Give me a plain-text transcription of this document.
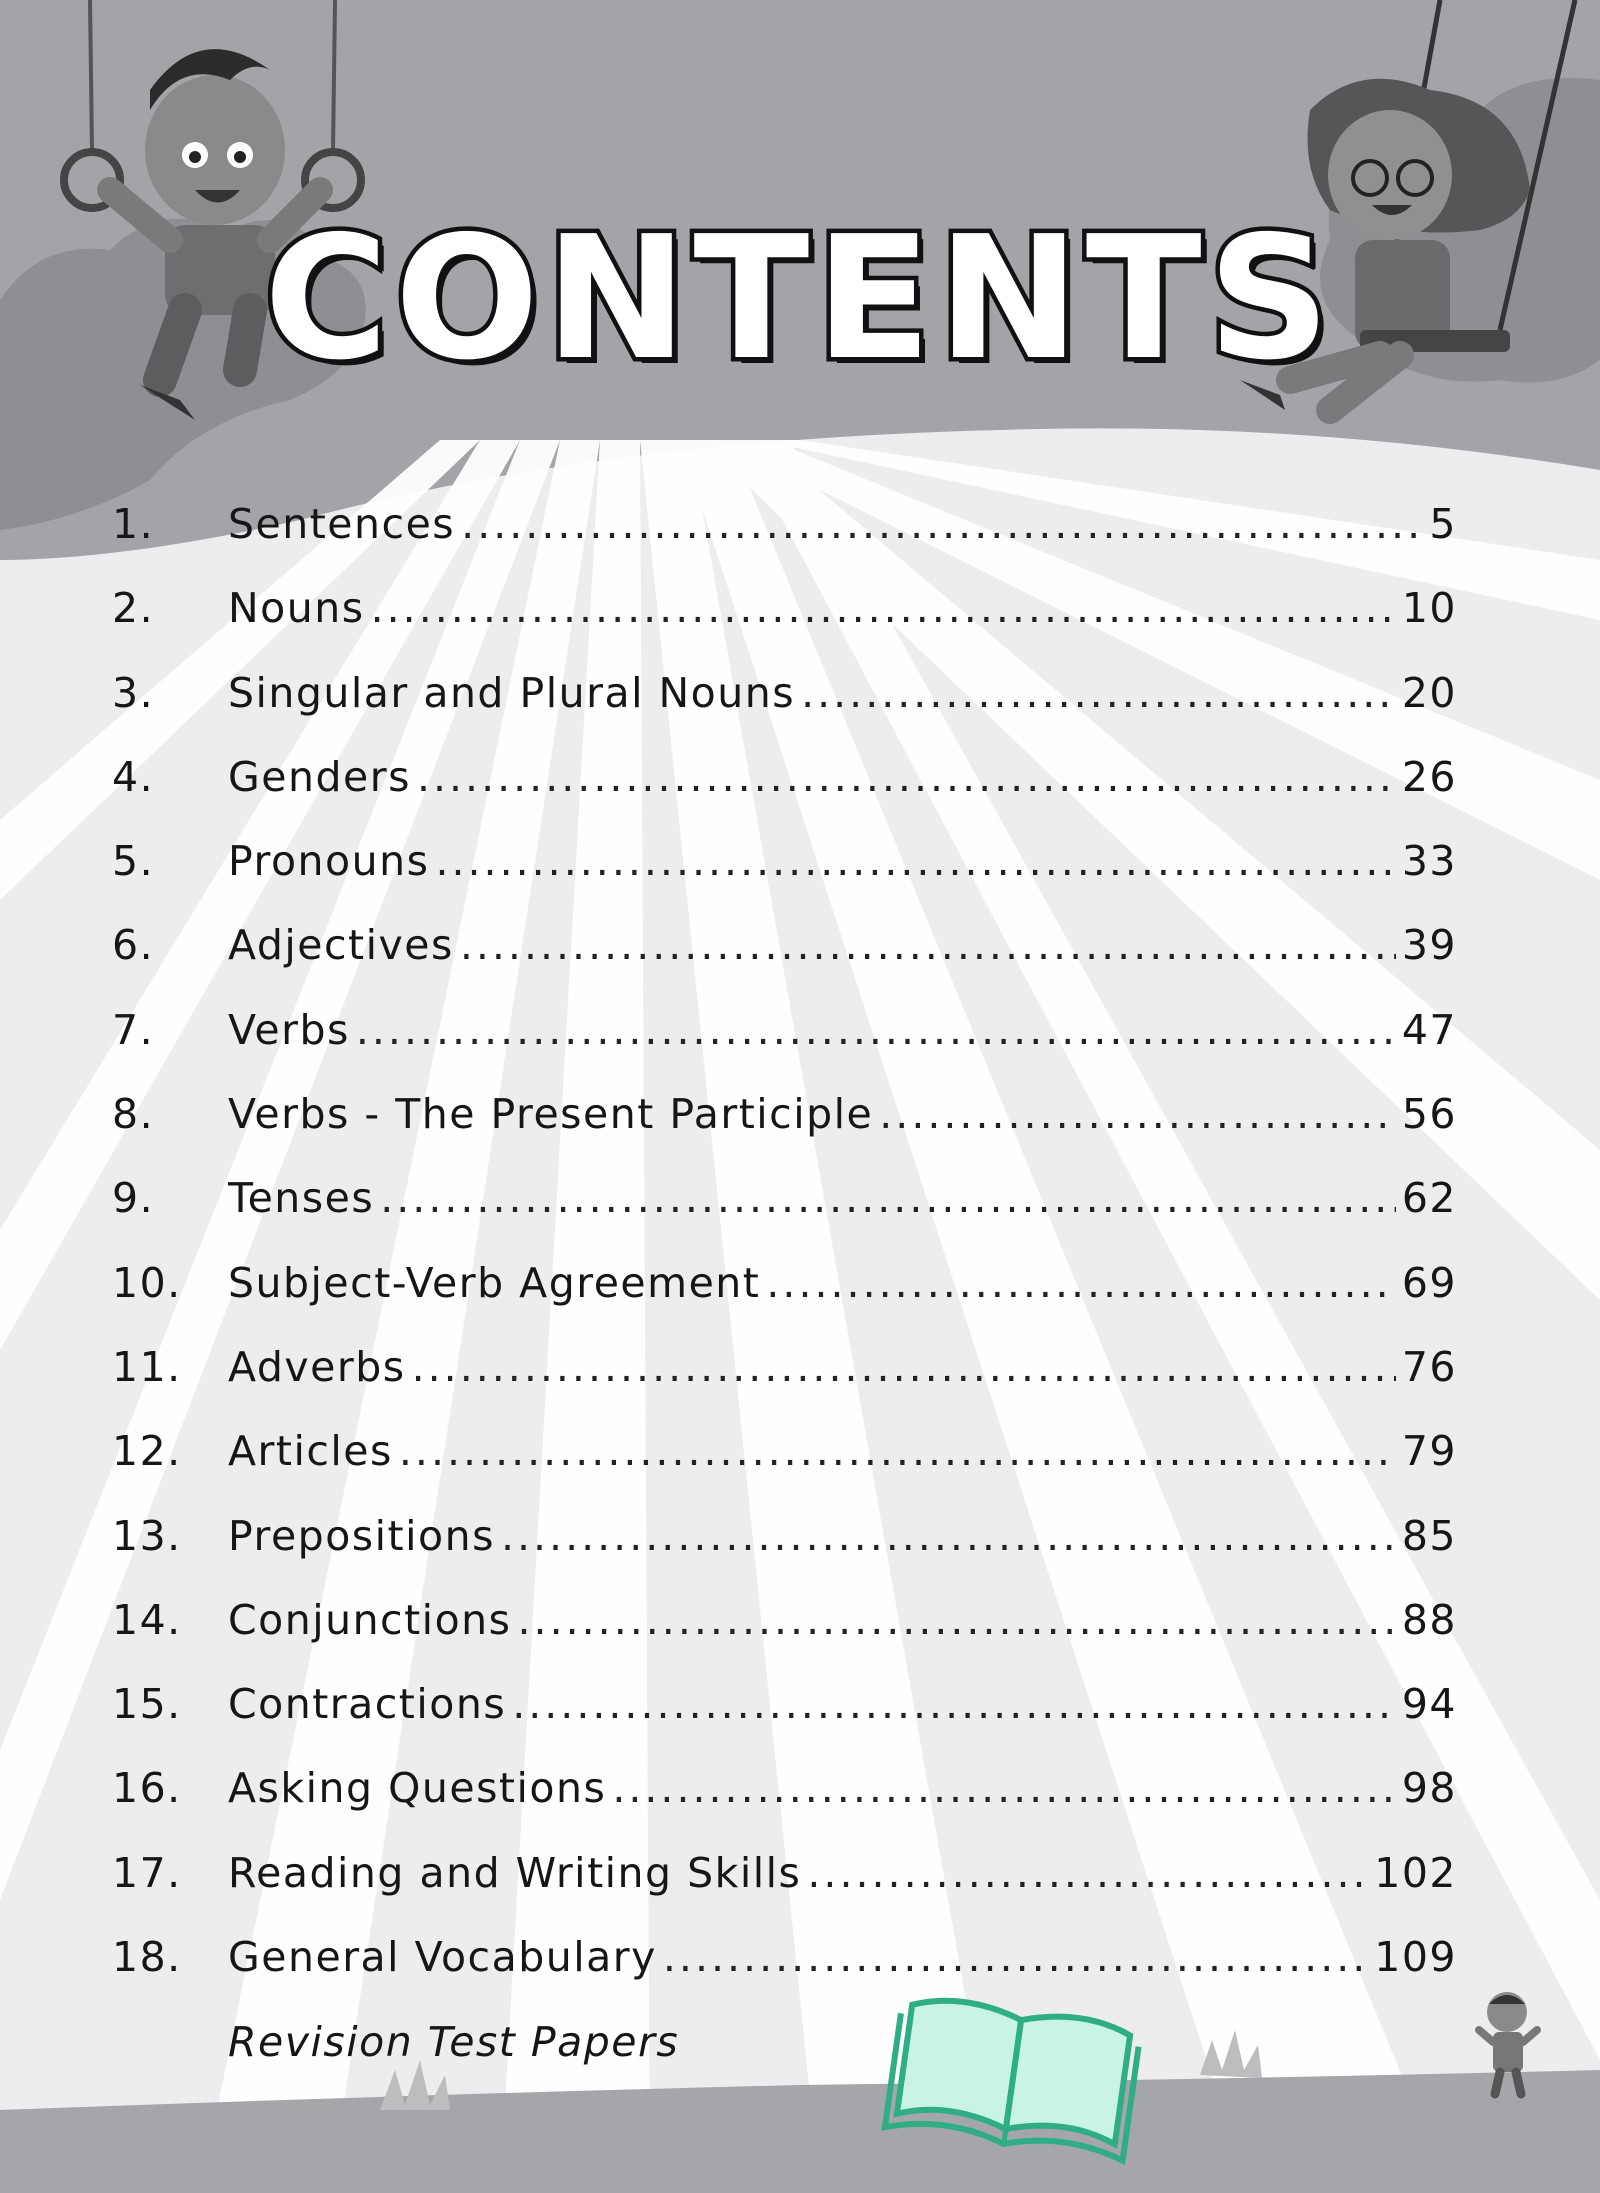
CONTENTS
1.	Sentences .....	5
2.	Nouns .....	10
3.	Singular and Plural Nouns .....	20
4.	Genders .....	26
5.	Pronouns .....	33
6.	Adjectives .....	39
7.	Verbs .....	47
8.	Verbs - The Present Participle .....	56
9.	Tenses .....	62
10.	Subject-Verb Agreement .....	69
11.	Adverbs .....	76
12.	Articles .....	79
13.	Prepositions .....	85
14.	Conjunctions .....	88
15.	Contractions .....	94
16.	Asking Questions .....	98
17.	Reading and Writing Skills .....	102
18.	General Vocabulary .....	109
Revision Test Papers
